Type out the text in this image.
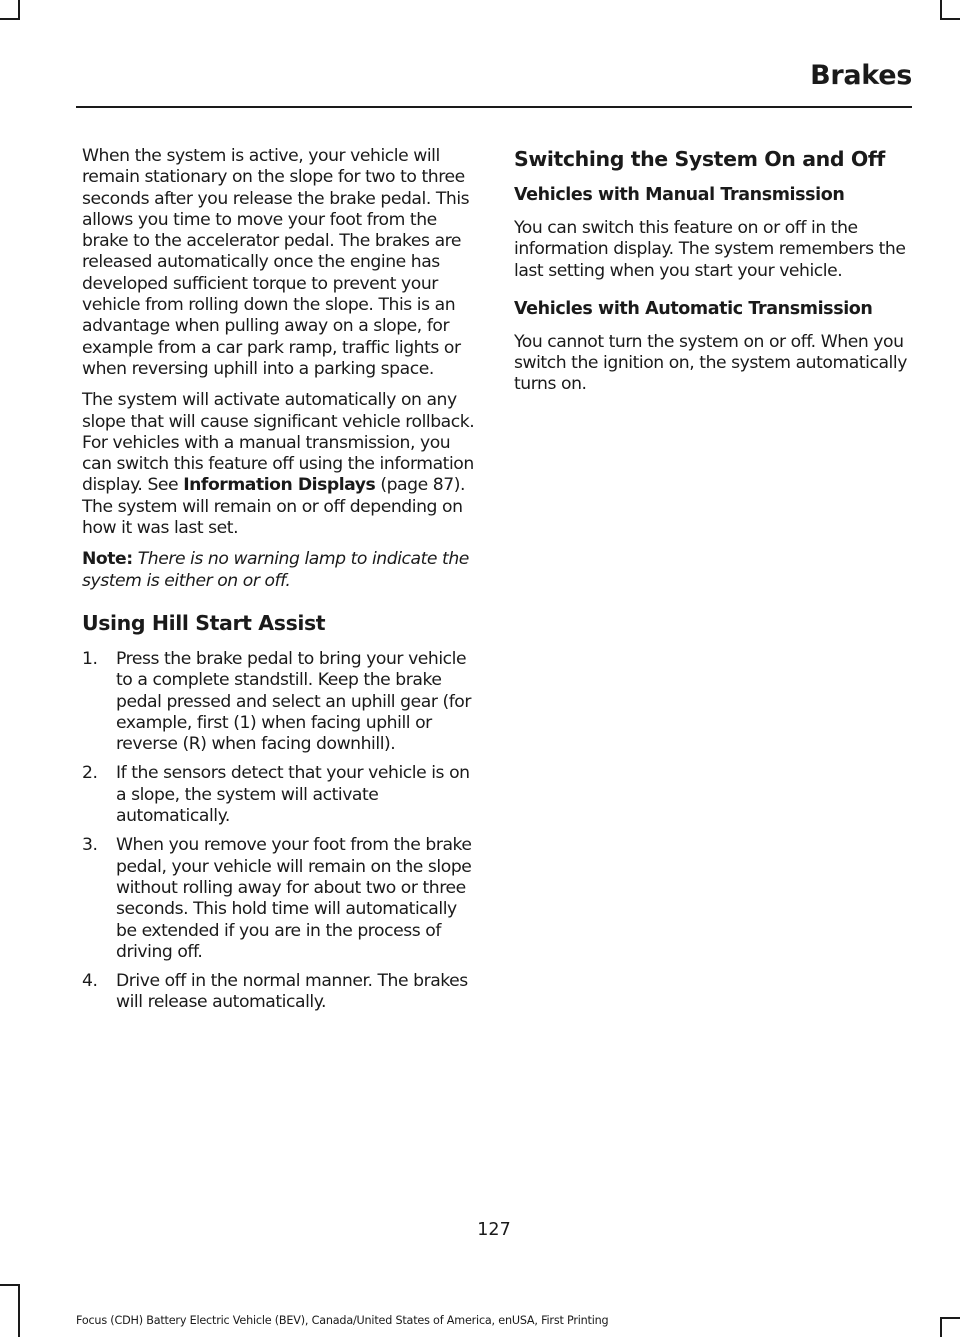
Brakes

When the system is active, your vehicle will remain stationary on the slope for two to three seconds after you release the brake pedal. This allows you time to move your foot from the brake to the accelerator pedal. The brakes are released automatically once the engine has developed sufficient torque to prevent your vehicle from rolling down the slope. This is an advantage when pulling away on a slope, for example from a car park ramp, traffic lights or when reversing uphill into a parking space.

The system will activate automatically on any slope that will cause significant vehicle rollback. For vehicles with a manual transmission, you can switch this feature off using the information display. See Information Displays (page 87). The system will remain on or off depending on how it was last set.

Note: There is no warning lamp to indicate the system is either on or off.

Using Hill Start Assist
1. Press the brake pedal to bring your vehicle to a complete standstill. Keep the brake pedal pressed and select an uphill gear (for example, first (1) when facing uphill or reverse (R) when facing downhill).
2. If the sensors detect that your vehicle is on a slope, the system will activate automatically.
3. When you remove your foot from the brake pedal, your vehicle will remain on the slope without rolling away for about two or three seconds. This hold time will automatically be extended if you are in the process of driving off.
4. Drive off in the normal manner. The brakes will release automatically.
Switching the System On and Off
Vehicles with Manual Transmission

You can switch this feature on or off in the information display. The system remembers the last setting when you start your vehicle.

Vehicles with Automatic Transmission

You cannot turn the system on or off. When you switch the ignition on, the system automatically turns on.

127
Focus (CDH) Battery Electric Vehicle (BEV), Canada/United States of America, enUSA, First Printing
